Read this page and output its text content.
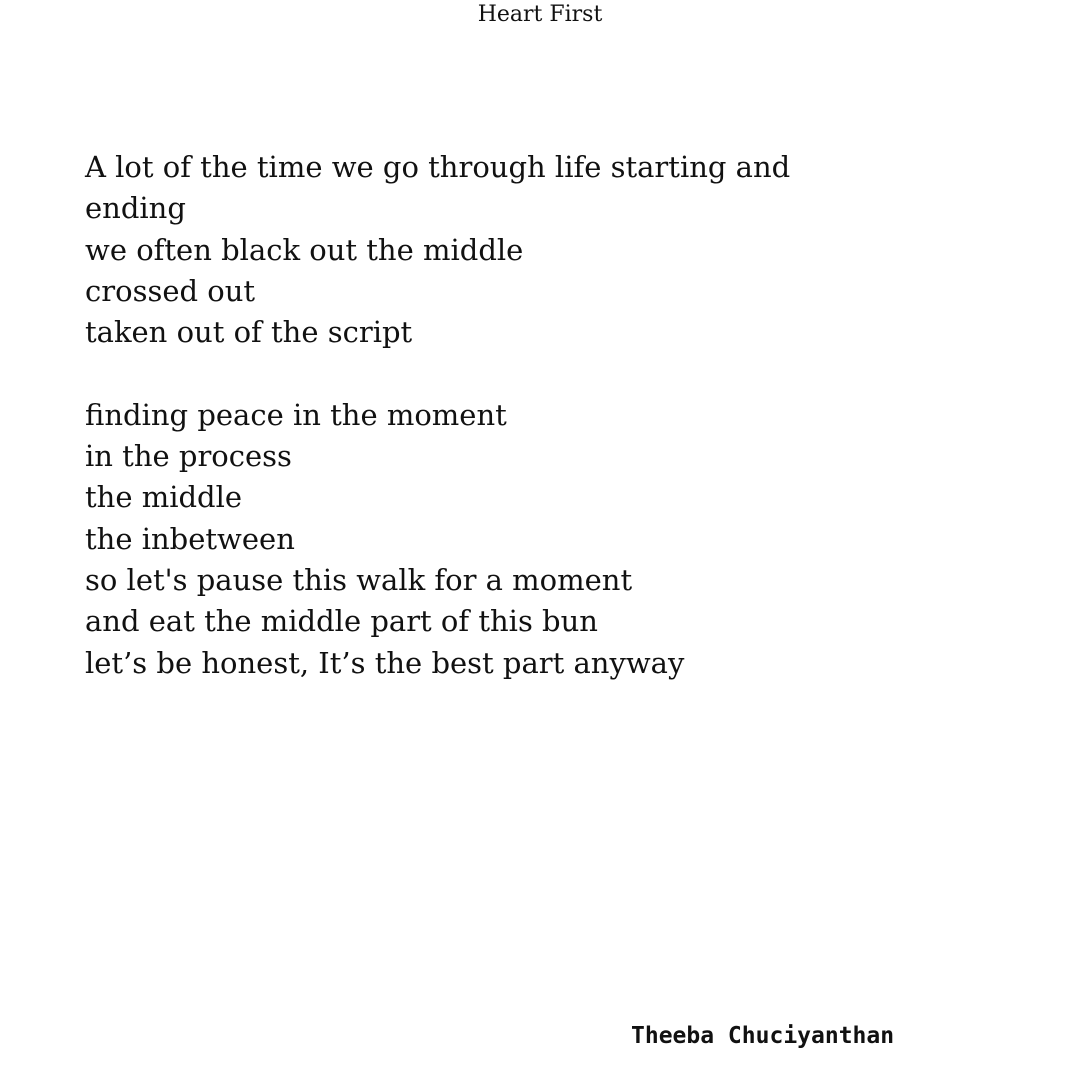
Heart First

A lot of the time we go through life starting and
ending
we often black out the middle
crossed out
taken out of the script

finding peace in the moment
in the process
the middle
the inbetween
so let's pause this walk for a moment
and eat the middle part of this bun
let’s be honest, It’s the best part anyway

Theeba Chuciyanthan
